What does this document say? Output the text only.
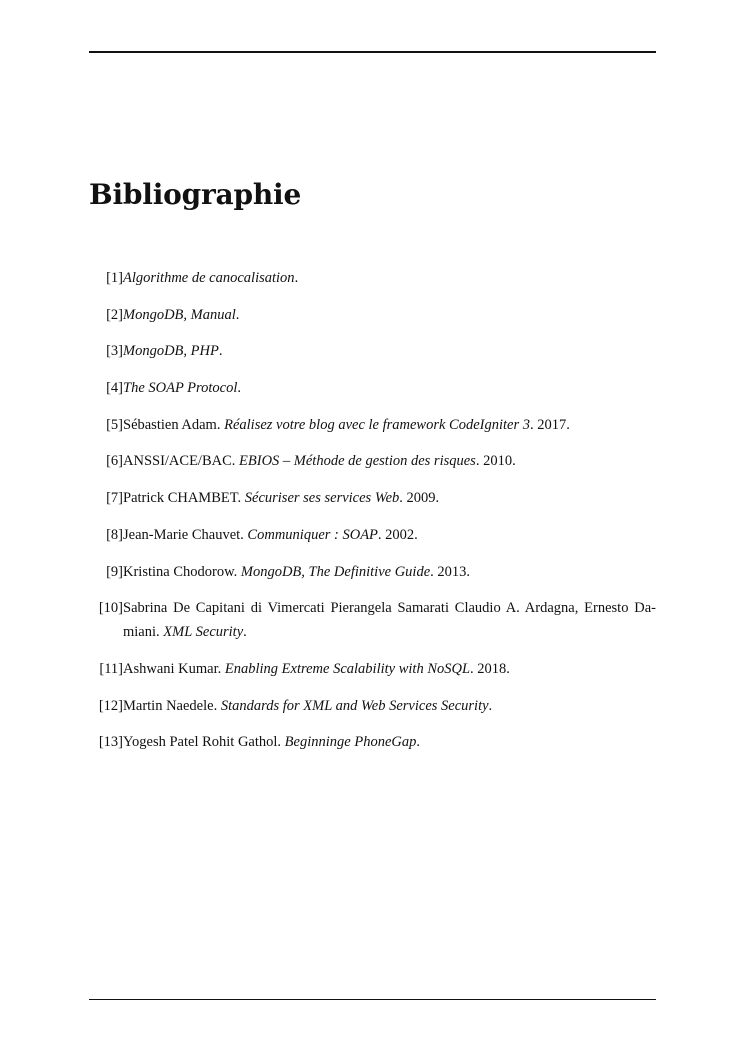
Bibliographie
[1] Algorithme de canocalisation.
[2] MongoDB, Manual.
[3] MongoDB, PHP.
[4] The SOAP Protocol.
[5] Sébastien Adam. Réalisez votre blog avec le framework CodeIgniter 3. 2017.
[6] ANSSI/ACE/BAC. EBIOS – Méthode de gestion des risques. 2010.
[7] Patrick CHAMBET. Sécuriser ses services Web. 2009.
[8] Jean-Marie Chauvet. Communiquer : SOAP. 2002.
[9] Kristina Chodorow. MongoDB, The Definitive Guide. 2013.
[10] Sabrina De Capitani di Vimercati Pierangela Samarati Claudio A. Ardagna, Ernesto Da-miani. XML Security.
[11] Ashwani Kumar. Enabling Extreme Scalability with NoSQL. 2018.
[12] Martin Naedele. Standards for XML and Web Services Security.
[13] Yogesh Patel Rohit Gathol. Beginninge PhoneGap.
